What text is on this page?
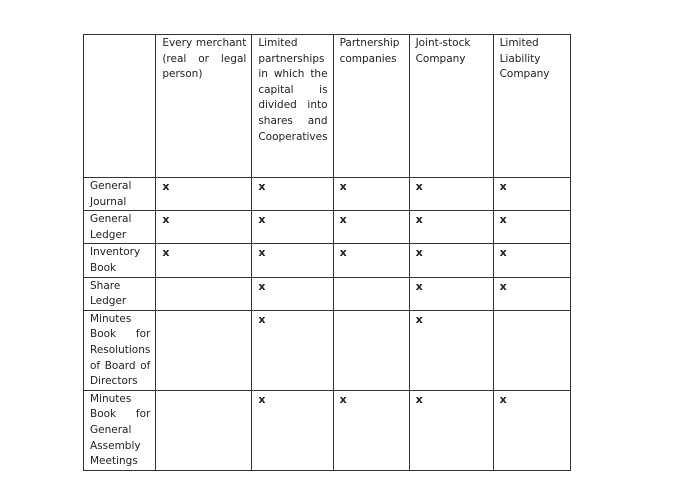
	Every merchant (real or legal person)	Limited partnerships in which the capital is divided into shares and Cooperatives	Partnership companies	Joint-stock Company	Limited Liability Company
General Journal	x	x	x	x	x
General Ledger	x	x	x	x	x
Inventory Book	x	x	x	x	x
Share Ledger		x		x	x
Minutes Book for Resolutions of Board of Directors		x		x	
Minutes Book for General Assembly Meetings		x	x	x	x
